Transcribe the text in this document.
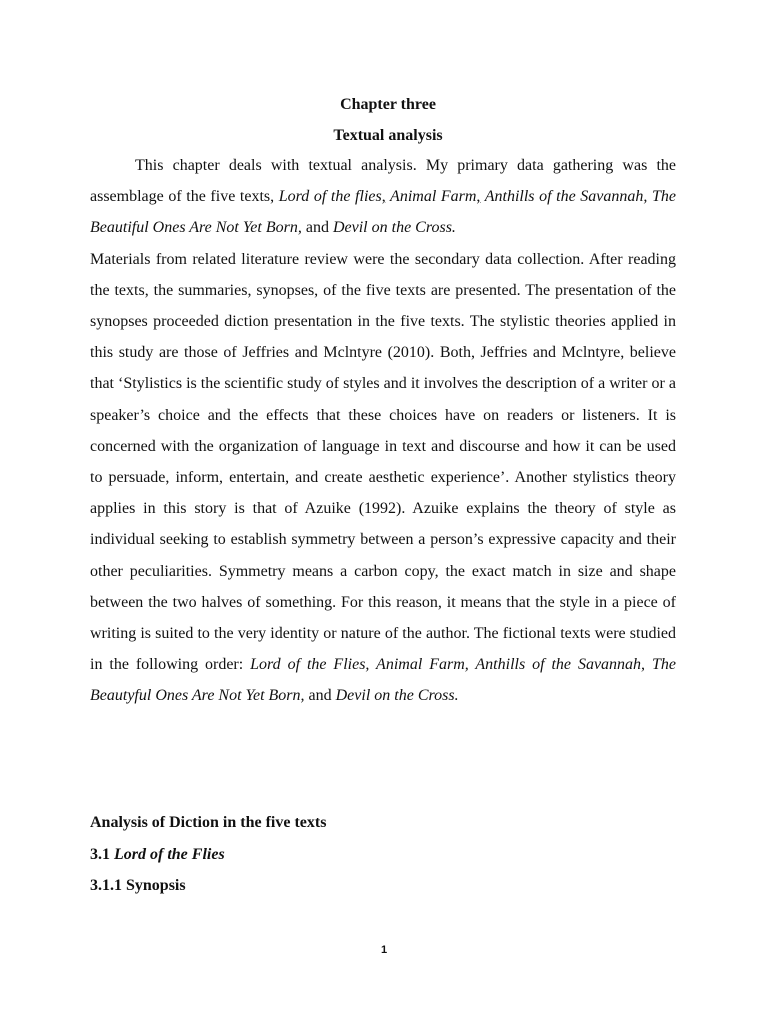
Chapter three
Textual analysis

This chapter deals with textual analysis. My primary data gathering was the assemblage of the five texts, Lord of the flies, Animal Farm, Anthills of the Savannah, The Beautiful Ones Are Not Yet Born, and Devil on the Cross.

Materials from related literature review were the secondary data collection. After reading the texts, the summaries, synopses, of the five texts are presented. The presentation of the synopses proceeded diction presentation in the five texts. The stylistic theories applied in this study are those of Jeffries and Mclntyre (2010). Both, Jeffries and Mclntyre, believe that ‘Stylistics is the scientific study of styles and it involves the description of a writer or a speaker’s choice and the effects that these choices have on readers or listeners. It is concerned with the organization of language in text and discourse and how it can be used to persuade, inform, entertain, and create aesthetic experience’. Another stylistics theory applies in this story is that of Azuike (1992). Azuike explains the theory of style as individual seeking to establish symmetry between a person’s expressive capacity and their other peculiarities. Symmetry means a carbon copy, the exact match in size and shape between the two halves of something. For this reason, it means that the style in a piece of writing is suited to the very identity or nature of the author. The fictional texts were studied in the following order: Lord of the Flies, Animal Farm, Anthills of the Savannah, The Beautyful Ones Are Not Yet Born, and Devil on the Cross.

Analysis of Diction in the five texts
3.1 Lord of the Flies
3.1.1 Synopsis
1
